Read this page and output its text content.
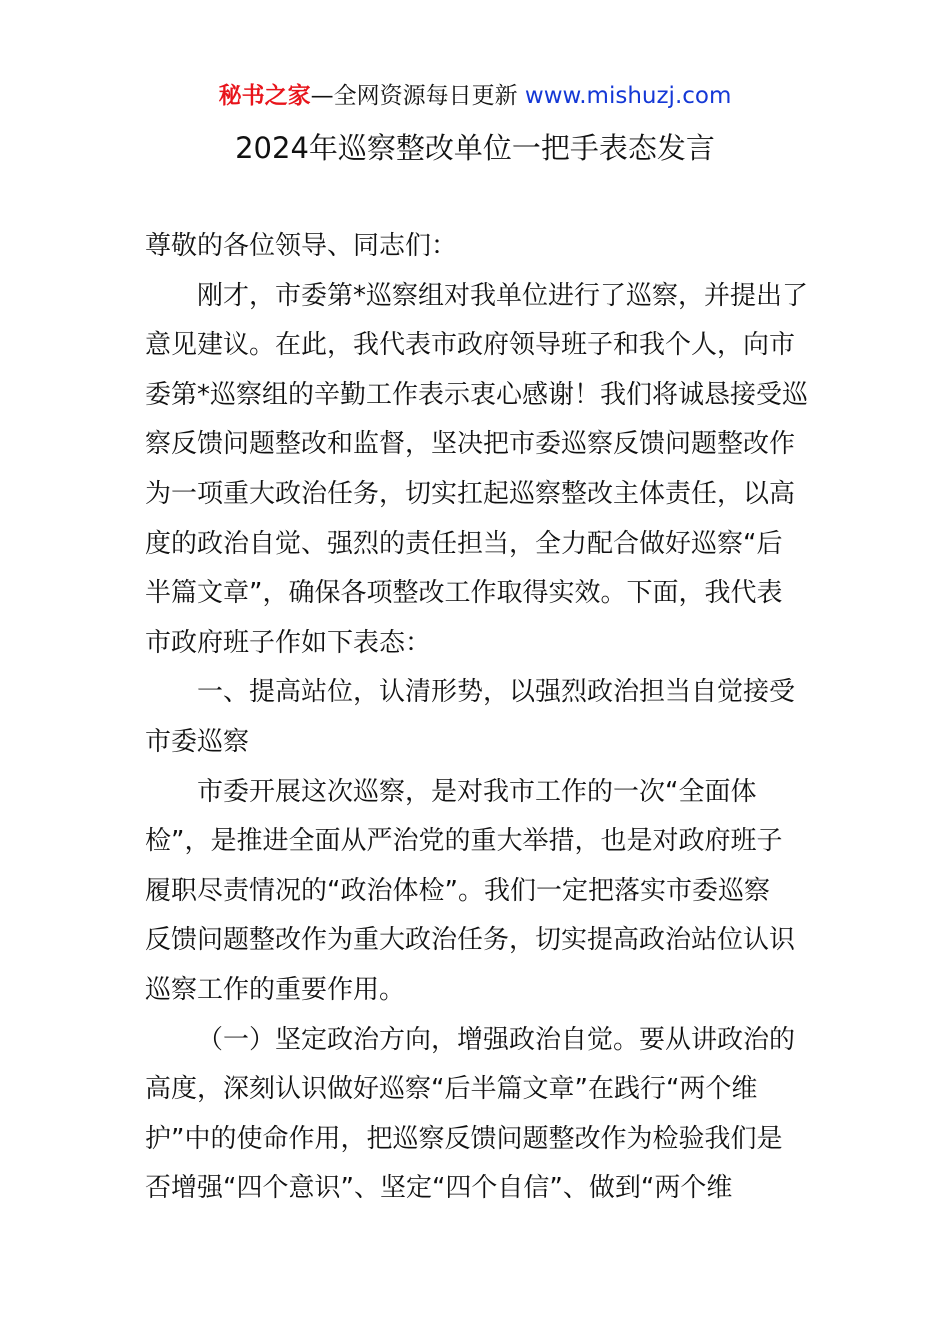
秘书之家—全网资源每日更新 www.mishuzj.com
2024年巡察整改单位一把手表态发言
尊敬的各位领导、同志们：
刚才，市委第*巡察组对我单位进行了巡察，并提出了
意见建议。在此，我代表市政府领导班子和我个人，向市
委第*巡察组的辛勤工作表示衷心感谢！我们将诚恳接受巡
察反馈问题整改和监督，坚决把市委巡察反馈问题整改作
为一项重大政治任务，切实扛起巡察整改主体责任，以高
度的政治自觉、强烈的责任担当，全力配合做好巡察“后
半篇文章”，确保各项整改工作取得实效。下面，我代表
市政府班子作如下表态：
一、提高站位，认清形势，以强烈政治担当自觉接受
市委巡察
市委开展这次巡察，是对我市工作的一次“全面体
检”，是推进全面从严治党的重大举措，也是对政府班子
履职尽责情况的“政治体检”。我们一定把落实市委巡察
反馈问题整改作为重大政治任务，切实提高政治站位认识
巡察工作的重要作用。
（一）坚定政治方向，增强政治自觉。要从讲政治的
高度，深刻认识做好巡察“后半篇文章”在践行“两个维
护”中的使命作用，把巡察反馈问题整改作为检验我们是
否增强“四个意识”、坚定“四个自信”、做到“两个维
